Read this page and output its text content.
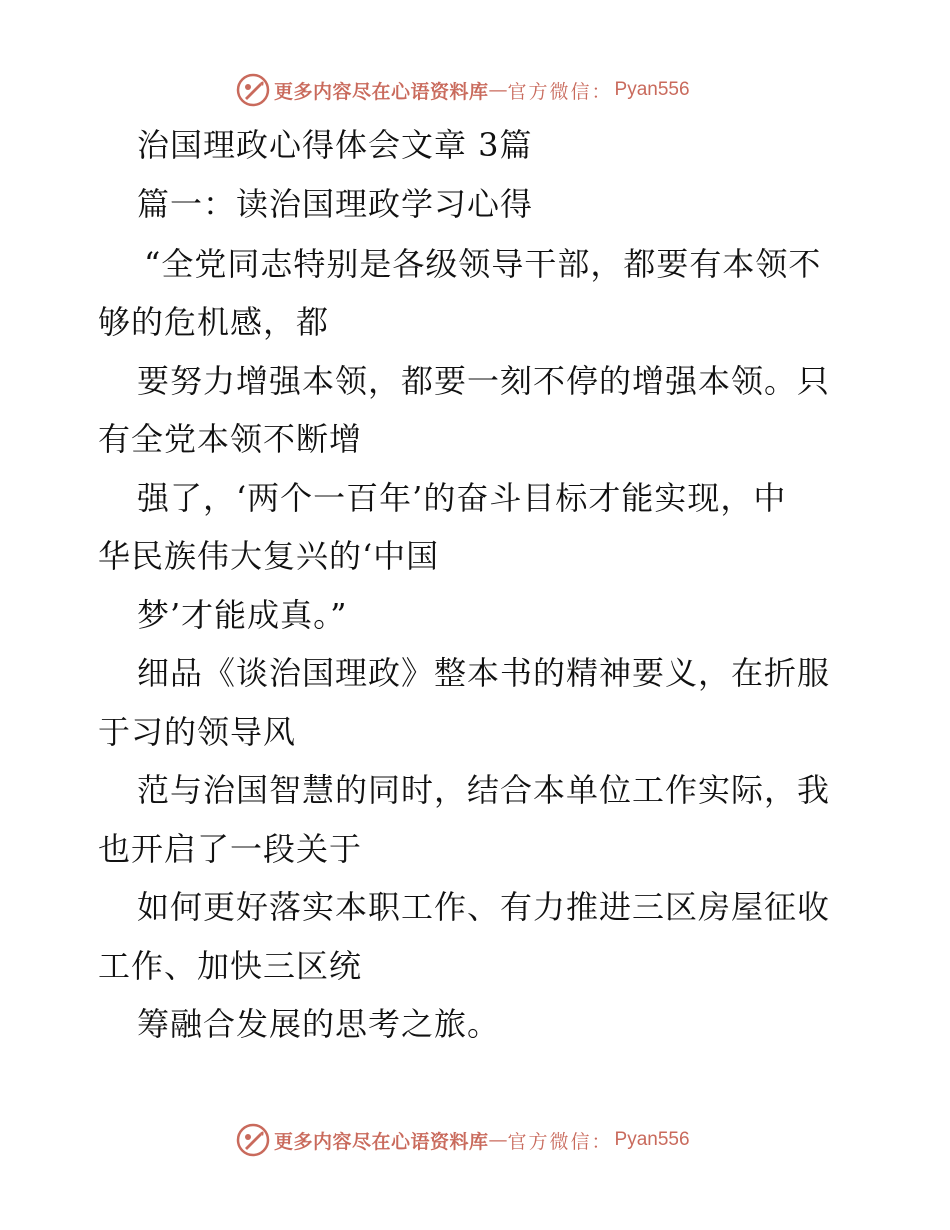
更多内容尽在心语资料库 — 官方微信： Pyan556
治国理政心得体会文章 3篇
篇一：读治国理政学习心得
“全党同志特别是各级领导干部，都要有本领不
够的危机感，都
要努力增强本领，都要一刻不停的增强本领。只
有全党本领不断增
强了，‘两个一百年’的奋斗目标才能实现，中
华民族伟大复兴的‘中国
梦’才能成真。”
细品《谈治国理政》整本书的精神要义，在折服
于习的领导风
范与治国智慧的同时，结合本单位工作实际，我
也开启了一段关于
如何更好落实本职工作、有力推进三区房屋征收
工作、加快三区统
筹融合发展的思考之旅。
更多内容尽在心语资料库 — 官方微信： Pyan556
